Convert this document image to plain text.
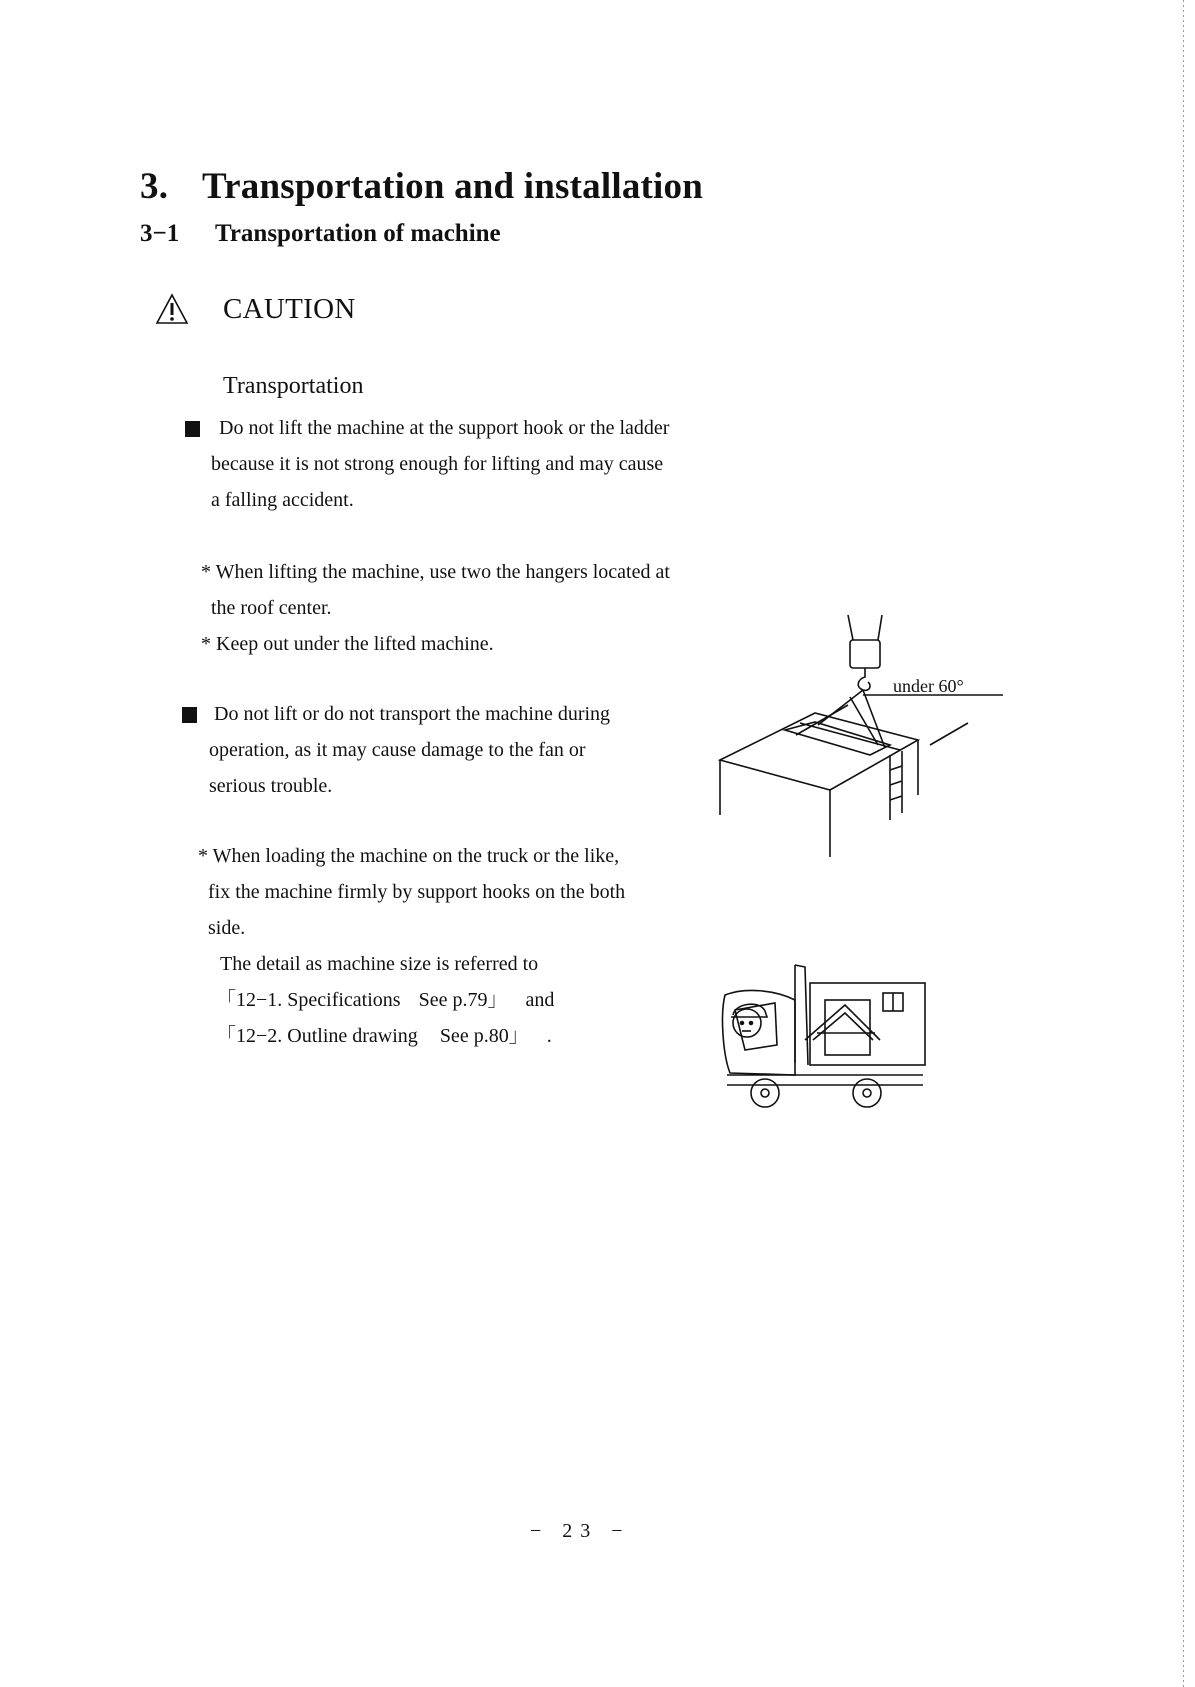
3. Transportation and installation
3−1 Transportation of machine
CAUTION
Transportation
Do not lift the machine at the support hook or the ladder
because it is not strong enough for lifting and may cause
a falling accident.
* When lifting the machine, use two the hangers located at
the roof center.
* Keep out under the lifted machine.
Do not lift or do not transport the machine during
operation, as it may cause damage to the fan or
serious trouble.
* When loading the machine on the truck or the like,
fix the machine firmly by support hooks on the both
side.
The detail as machine size is referred to
「12−1. Specifications See p.79」 and
「12−2. Outline drawing See p.80」 .
under 60°
− 23 −
